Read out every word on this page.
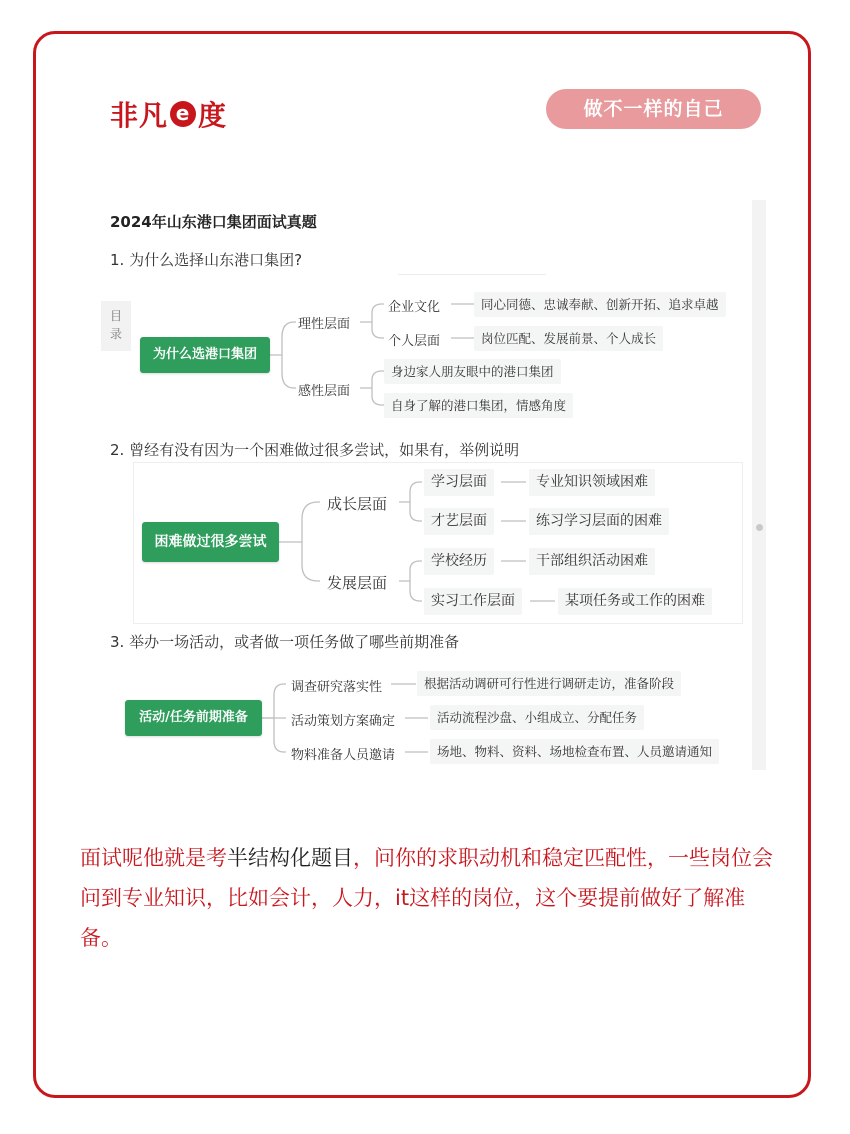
非凡 e 度	做不一样的自己
2024年山东港口集团面试真题
1. 为什么选择山东港口集团?
目录
为什么选港口集团
理性层面
感性层面
企业文化
个人层面
同心同德、忠诚奉献、创新开拓、追求卓越
岗位匹配、发展前景、个人成长
身边家人朋友眼中的港口集团
自身了解的港口集团，情感角度
2. 曾经有没有因为一个困难做过很多尝试，如果有，举例说明
困难做过很多尝试
成长层面
发展层面
学习层面
才艺层面
学校经历
实习工作层面
专业知识领域困难
练习学习层面的困难
干部组织活动困难
某项任务或工作的困难
3. 举办一场活动，或者做一项任务做了哪些前期准备
活动/任务前期准备
调查研究落实性
活动策划方案确定
物料准备人员邀请
根据活动调研可行性进行调研走访，准备阶段
活动流程沙盘、小组成立、分配任务
场地、物料、资料、场地检查布置、人员邀请通知
面试呢他就是考半结构化题目，问你的求职动机和稳定匹配性，一些岗位会问到专业知识，比如会计，人力，it这样的岗位，这个要提前做好了解准备。
